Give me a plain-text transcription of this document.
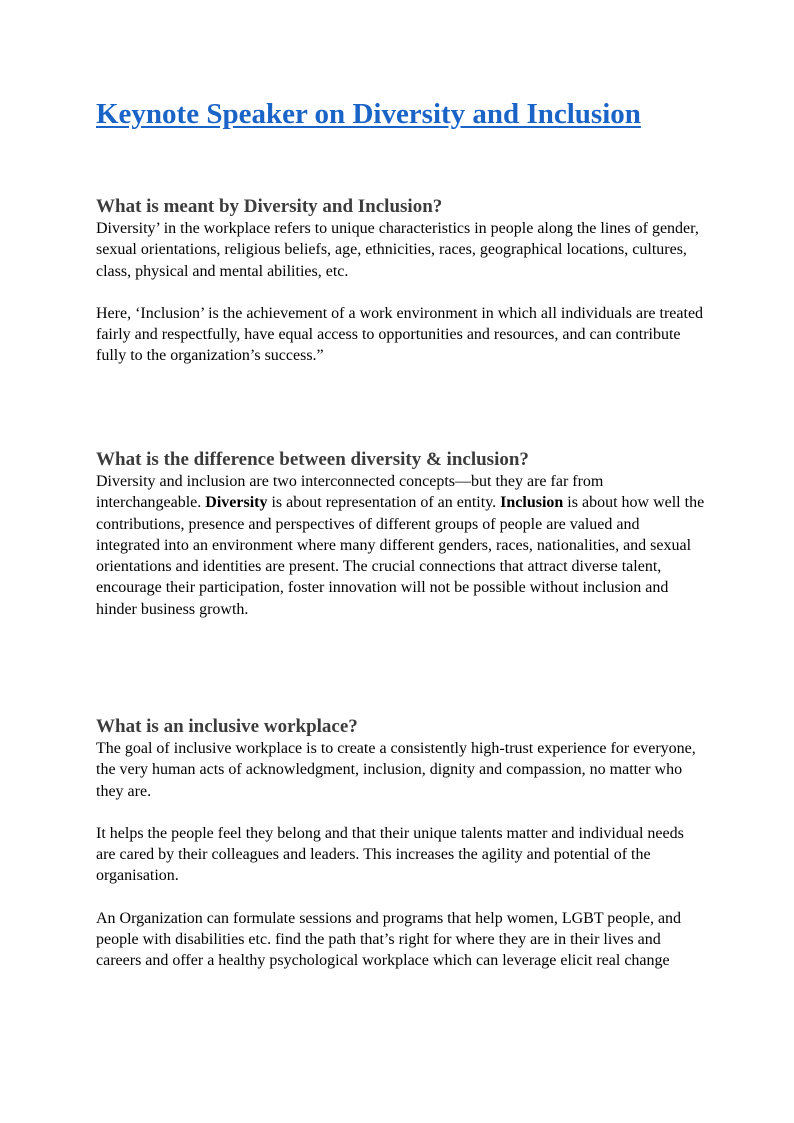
Keynote Speaker on Diversity and Inclusion
What is meant by Diversity and Inclusion?

Diversity’ in the workplace refers to unique characteristics in people along the lines of gender, sexual orientations, religious beliefs, age, ethnicities, races, geographical locations, cultures, class, physical and mental abilities, etc.

Here, ‘Inclusion’ is the achievement of a work environment in which all individuals are treated fairly and respectfully, have equal access to opportunities and resources, and can contribute fully to the organization’s success.”

What is the difference between diversity & inclusion?

Diversity and inclusion are two interconnected concepts—but they are far from interchangeable. Diversity is about representation of an entity. Inclusion is about how well the contributions, presence and perspectives of different groups of people are valued and integrated into an environment where many different genders, races, nationalities, and sexual orientations and identities are present. The crucial connections that attract diverse talent, encourage their participation, foster innovation will not be possible without inclusion and hinder business growth.

What is an inclusive workplace?

The goal of inclusive workplace is to create a consistently high-trust experience for everyone, the very human acts of acknowledgment, inclusion, dignity and compassion, no matter who they are.

It helps the people feel they belong and that their unique talents matter and individual needs are cared by their colleagues and leaders. This increases the agility and potential of the organisation.

An Organization can formulate sessions and programs that help women, LGBT people, and people with disabilities etc. find the path that’s right for where they are in their lives and careers and offer a healthy psychological workplace which can leverage elicit real change
